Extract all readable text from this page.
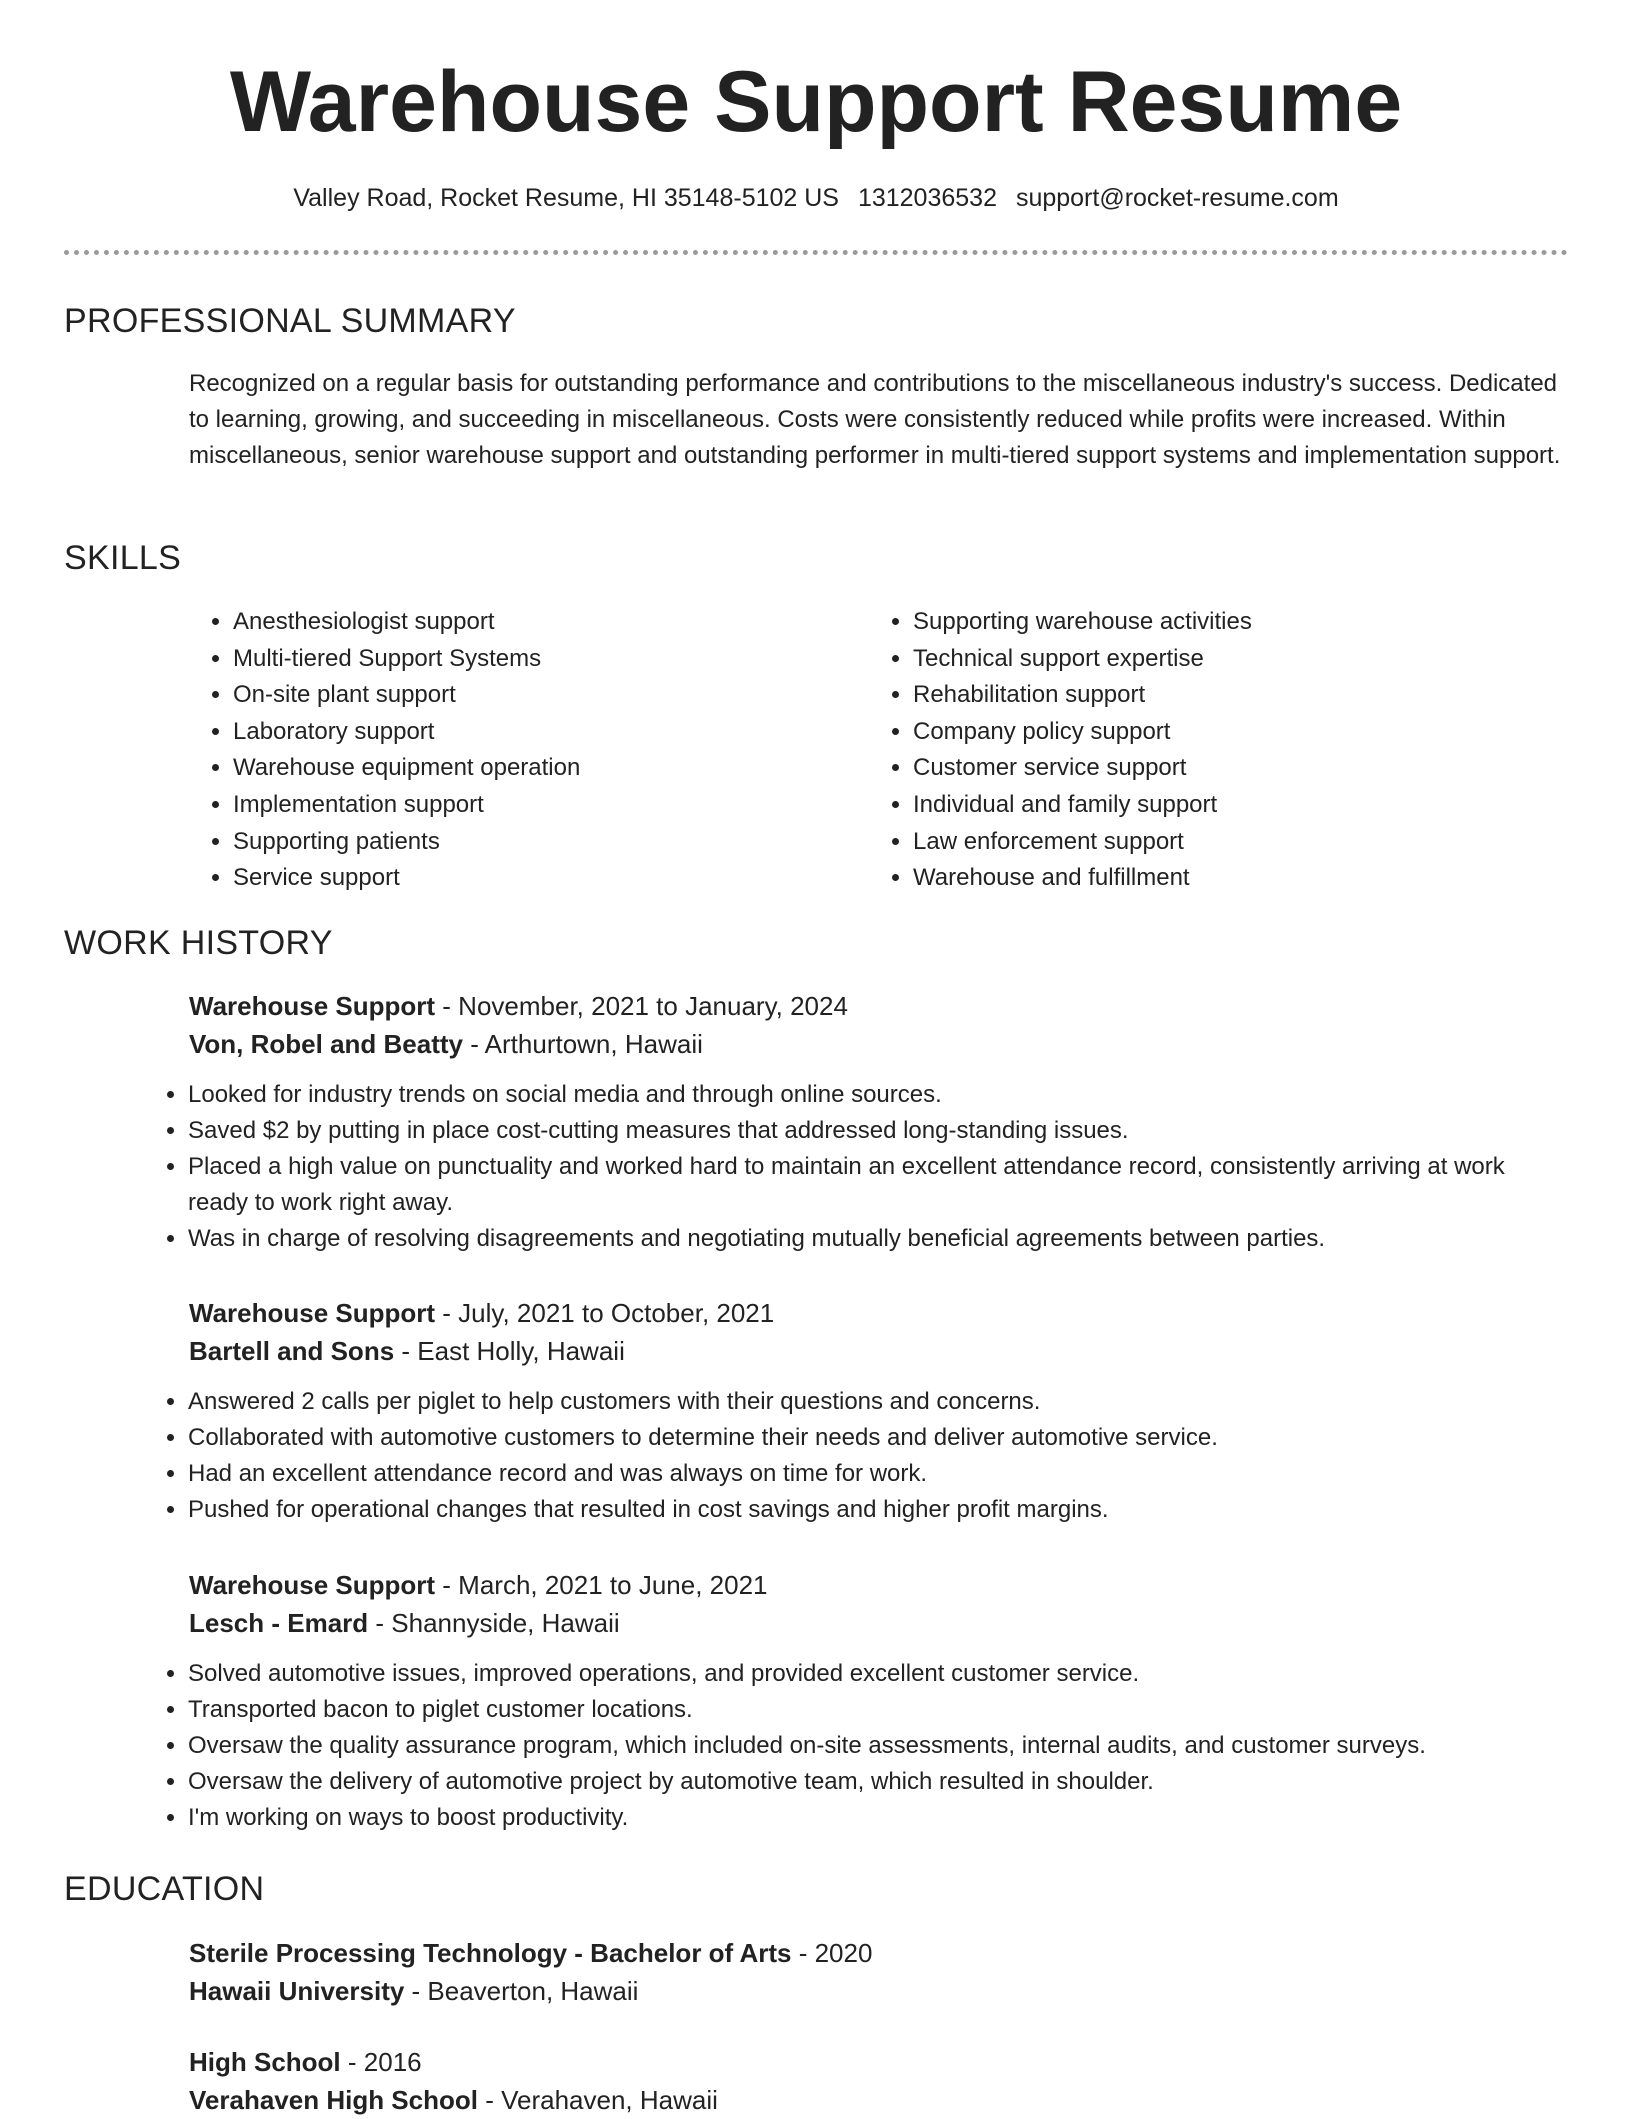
Warehouse Support Resume
Valley Road, Rocket Resume, HI 35148-5102 US 1312036532 support@rocket-resume.com
PROFESSIONAL SUMMARY

Recognized on a regular basis for outstanding performance and contributions to the miscellaneous industry's success. Dedicated to learning, growing, and succeeding in miscellaneous. Costs were consistently reduced while profits were increased. Within miscellaneous, senior warehouse support and outstanding performer in multi-tiered support systems and implementation support.

SKILLS
• Anesthesiologist support
• Multi-tiered Support Systems
• On-site plant support
• Laboratory support
• Warehouse equipment operation
• Implementation support
• Supporting patients
• Service support
• Supporting warehouse activities
• Technical support expertise
• Rehabilitation support
• Company policy support
• Customer service support
• Individual and family support
• Law enforcement support
• Warehouse and fulfillment
WORK HISTORY

Warehouse Support - November, 2021 to January, 2024

Von, Robel and Beatty - Arthurtown, Hawaii

• Looked for industry trends on social media and through online sources.
• Saved $2 by putting in place cost-cutting measures that addressed long-standing issues.
• Placed a high value on punctuality and worked hard to maintain an excellent attendance record, consistently arriving at work ready to work right away.
• Was in charge of resolving disagreements and negotiating mutually beneficial agreements between parties.

Warehouse Support - July, 2021 to October, 2021

Bartell and Sons - East Holly, Hawaii

• Answered 2 calls per piglet to help customers with their questions and concerns.
• Collaborated with automotive customers to determine their needs and deliver automotive service.
• Had an excellent attendance record and was always on time for work.
• Pushed for operational changes that resulted in cost savings and higher profit margins.

Warehouse Support - March, 2021 to June, 2021

Lesch - Emard - Shannyside, Hawaii

• Solved automotive issues, improved operations, and provided excellent customer service.
• Transported bacon to piglet customer locations.
• Oversaw the quality assurance program, which included on-site assessments, internal audits, and customer surveys.
• Oversaw the delivery of automotive project by automotive team, which resulted in shoulder.
• I'm working on ways to boost productivity.
EDUCATION

Sterile Processing Technology - Bachelor of Arts - 2020

Hawaii University - Beaverton, Hawaii

High School - 2016

Verahaven High School - Verahaven, Hawaii
